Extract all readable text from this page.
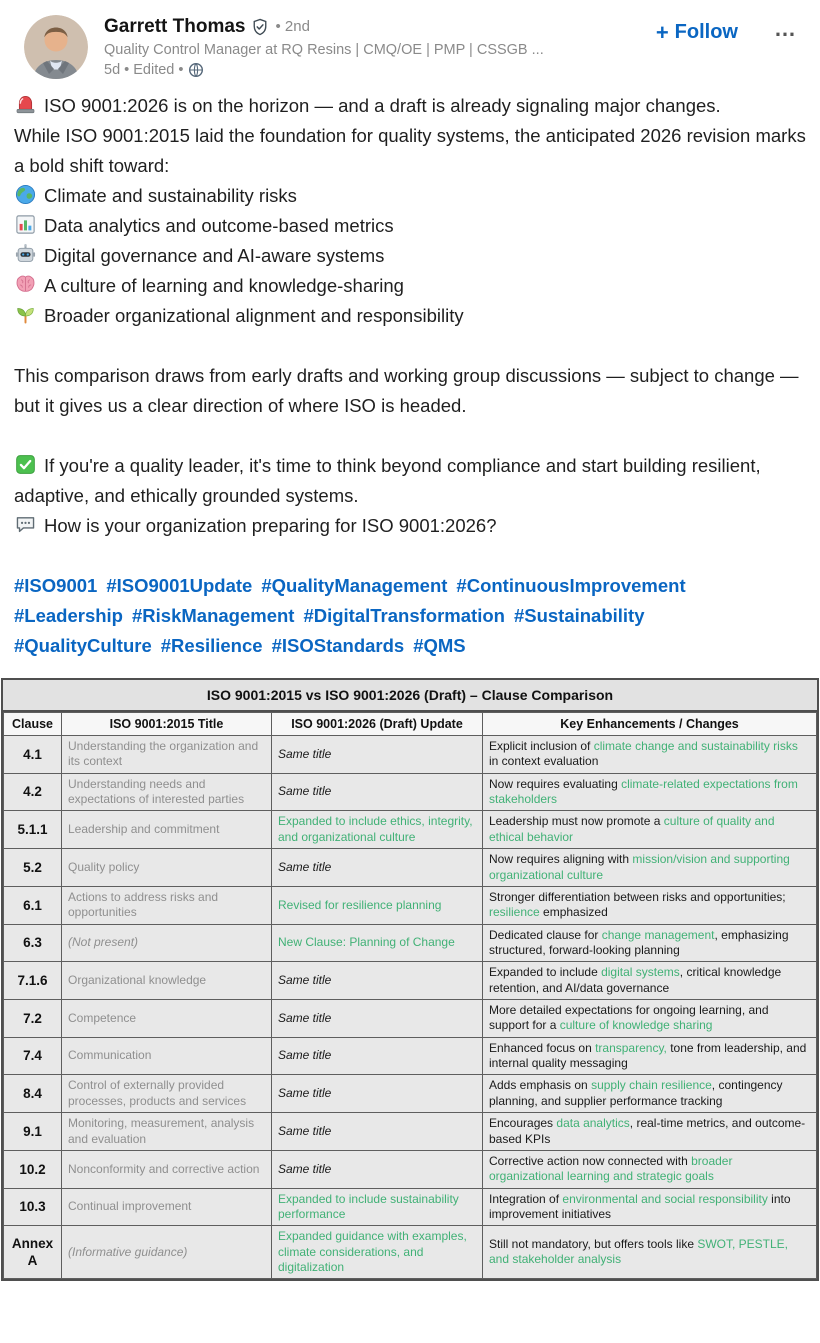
Garrett Thomas • 2nd
Quality Control Manager at RQ Resins | CMQ/OE | PMP | CSSGB ...
5d • Edited •
+ Follow …
ISO 9001:2026 is on the horizon — and a draft is already signaling major changes.
While ISO 9001:2015 laid the foundation for quality systems, the anticipated 2026 revision marks a bold shift toward:
Climate and sustainability risks
Data analytics and outcome-based metrics
Digital governance and AI-aware systems
A culture of learning and knowledge-sharing
Broader organizational alignment and responsibility
This comparison draws from early drafts and working group discussions — subject to change — but it gives us a clear direction of where ISO is headed.
If you're a quality leader, it's time to think beyond compliance and start building resilient, adaptive, and ethically grounded systems.
How is your organization preparing for ISO 9001:2026?
#ISO9001 #ISO9001Update #QualityManagement #ContinuousImprovement
#Leadership #RiskManagement #DigitalTransformation #Sustainability
#QualityCulture #Resilience #ISOStandards #QMS
ISO 9001:2015 vs ISO 9001:2026 (Draft) – Clause Comparison
Clause	ISO 9001:2015 Title	ISO 9001:2026 (Draft) Update	Key Enhancements / Changes
4.1	Understanding the organization and its context	Same title	Explicit inclusion of climate change and sustainability risks in context evaluation
4.2	Understanding needs and expectations of interested parties	Same title	Now requires evaluating climate-related expectations from stakeholders
5.1.1	Leadership and commitment	Expanded to include ethics, integrity, and organizational culture	Leadership must now promote a culture of quality and ethical behavior
5.2	Quality policy	Same title	Now requires aligning with mission/vision and supporting organizational culture
6.1	Actions to address risks and opportunities	Revised for resilience planning	Stronger differentiation between risks and opportunities; resilience emphasized
6.3	(Not present)	New Clause: Planning of Change	Dedicated clause for change management, emphasizing structured, forward-looking planning
7.1.6	Organizational knowledge	Same title	Expanded to include digital systems, critical knowledge retention, and AI/data governance
7.2	Competence	Same title	More detailed expectations for ongoing learning, and support for a culture of knowledge sharing
7.4	Communication	Same title	Enhanced focus on transparency, tone from leadership, and internal quality messaging
8.4	Control of externally provided processes, products and services	Same title	Adds emphasis on supply chain resilience, contingency planning, and supplier performance tracking
9.1	Monitoring, measurement, analysis and evaluation	Same title	Encourages data analytics, real-time metrics, and outcome-based KPIs
10.2	Nonconformity and corrective action	Same title	Corrective action now connected with broader organizational learning and strategic goals
10.3	Continual improvement	Expanded to include sustainability performance	Integration of environmental and social responsibility into improvement initiatives
Annex A	(Informative guidance)	Expanded guidance with examples, climate considerations, and digitalization	Still not mandatory, but offers tools like SWOT, PESTLE, and stakeholder analysis
